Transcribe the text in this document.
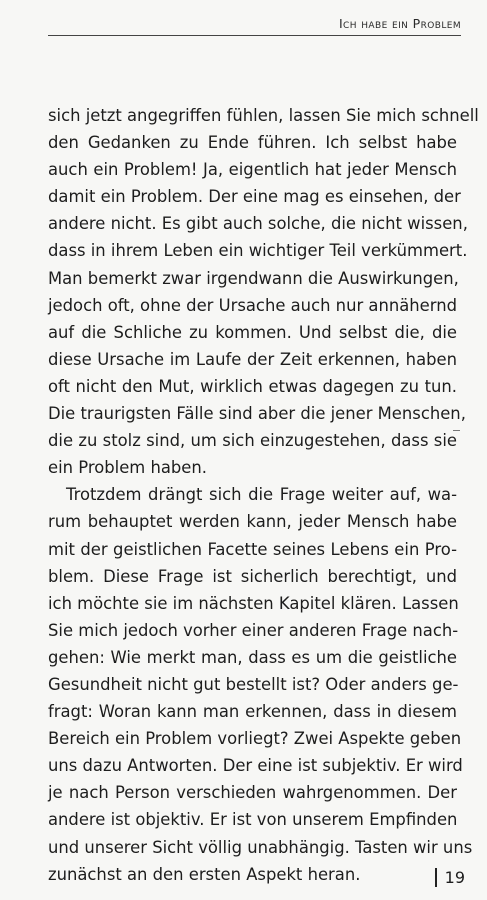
Ich habe ein Problem
sich jetzt angegriffen fühlen, lassen Sie mich schnell
den Gedanken zu Ende führen. Ich selbst habe
auch ein Problem! Ja, eigentlich hat jeder Mensch
damit ein Problem. Der eine mag es einsehen, der
andere nicht. Es gibt auch solche, die nicht wissen,
dass in ihrem Leben ein wichtiger Teil verkümmert.
Man bemerkt zwar irgendwann die Auswirkungen,
jedoch oft, ohne der Ursache auch nur annähernd
auf die Schliche zu kommen. Und selbst die, die
diese Ursache im Laufe der Zeit erkennen, haben
oft nicht den Mut, wirklich etwas dagegen zu tun.
Die traurigsten Fälle sind aber die jener Menschen,
die zu stolz sind, um sich einzugestehen, dass sie
ein Problem haben.
Trotzdem drängt sich die Frage weiter auf, wa-
rum behauptet werden kann, jeder Mensch habe
mit der geistlichen Facette seines Lebens ein Pro-
blem. Diese Frage ist sicherlich berechtigt, und
ich möchte sie im nächsten Kapitel klären. Lassen
Sie mich jedoch vorher einer anderen Frage nach-
gehen: Wie merkt man, dass es um die geistliche
Gesundheit nicht gut bestellt ist? Oder anders ge-
fragt: Woran kann man erkennen, dass in diesem
Bereich ein Problem vorliegt? Zwei Aspekte geben
uns dazu Antworten. Der eine ist subjektiv. Er wird
je nach Person verschieden wahrgenommen. Der
andere ist objektiv. Er ist von unserem Empfinden
und unserer Sicht völlig unabhängig. Tasten wir uns
zunächst an den ersten Aspekt heran.	19
